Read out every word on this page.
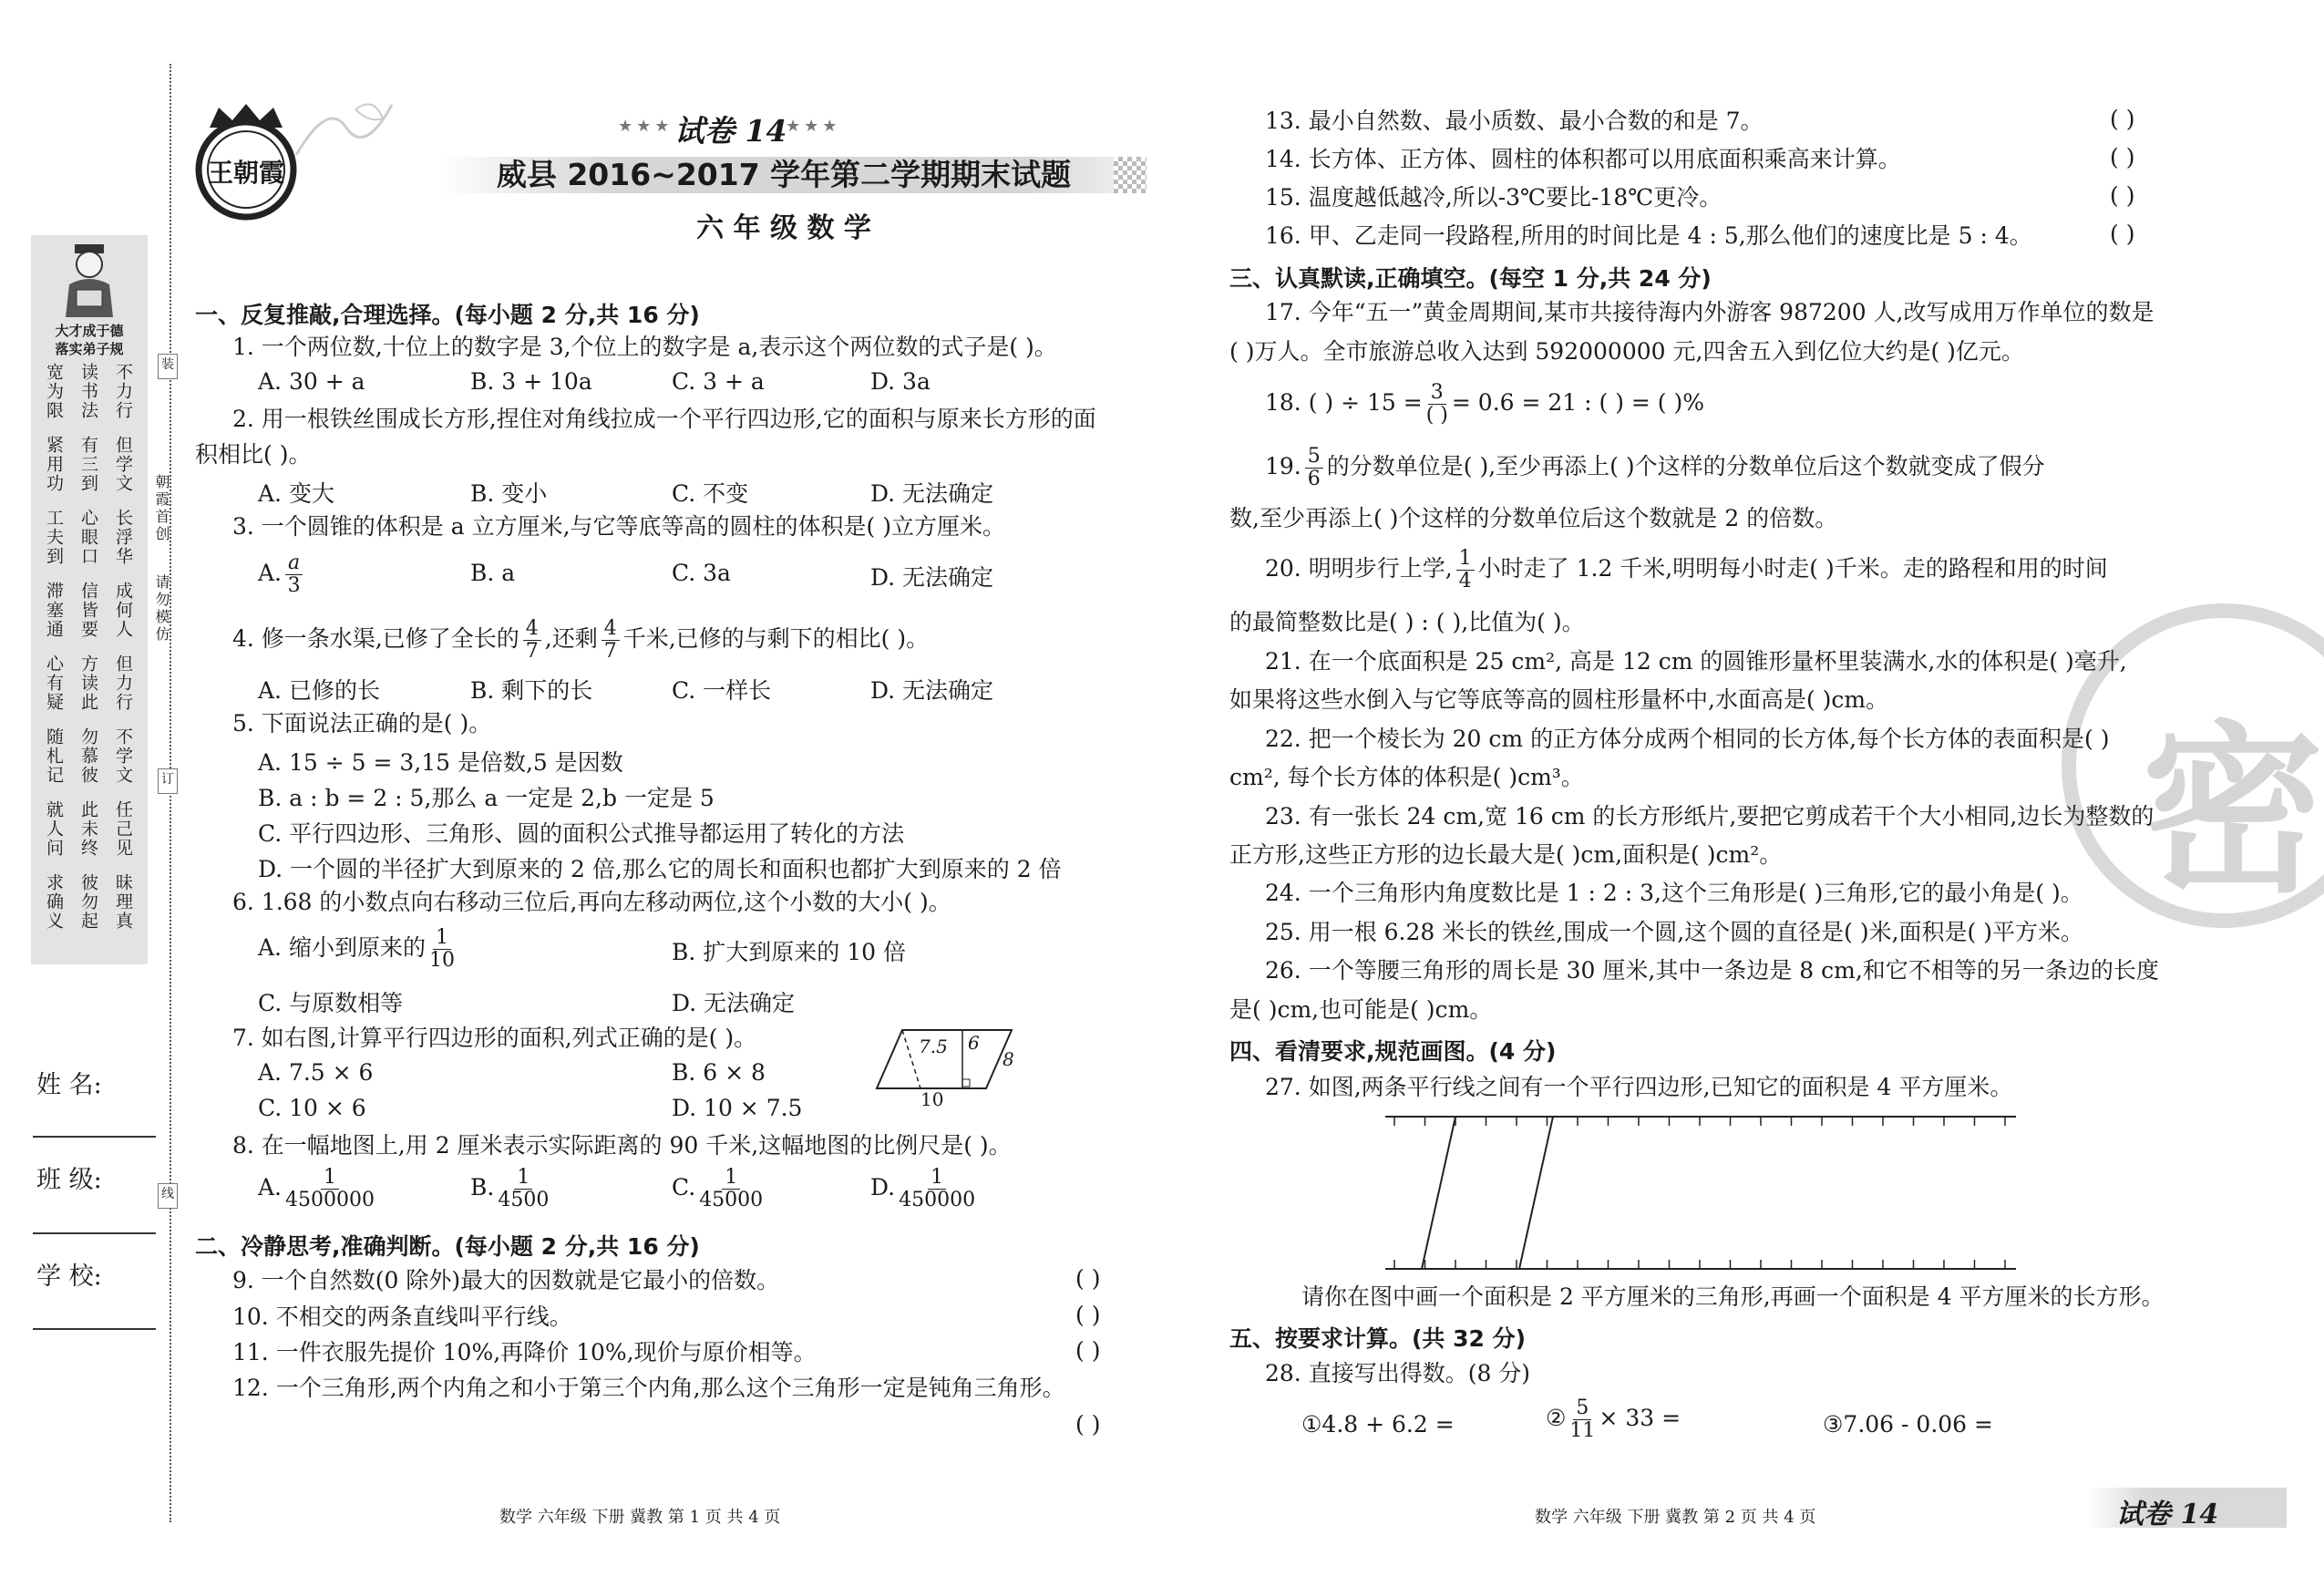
大才成于德
落实弟子规
宽为限 读书法 不力行
紧用功 有三到 但学文
工夫到 心眼口 长浮华
滞塞通 信皆要 成何人
心有疑 方读此 但力行
随札记 勿慕彼 不学文
就人问 此未终 任己见
求确义 彼勿起 昧理真
朝霞首创
请勿模仿
装
订
线
姓 名:
班 级:
学 校:
王朝霞
★★★ 试卷 14
★★★
威县 2016~2017 学年第二学期期末试题
六 年 级 数 学
一、反复推敲,合理选择。(每小题 2 分,共 16 分)
1. 一个两位数,十位上的数字是 3,个位上的数字是 a,表示这个两位数的式子是( )。
A. 30 + a	B. 3 + 10a	C. 3 + a	D. 3a
2. 用一根铁丝围成长方形,捏住对角线拉成一个平行四边形,它的面积与原来长方形的面
积相比( )。
A. 变大	B. 变小	C. 不变	D. 无法确定
3. 一个圆锥的体积是 a 立方厘米,与它等底等高的圆柱的体积是( )立方厘米。
A. $\frac{a}{3}$	B. a	C. 3a	D. 无法确定
4. 修一条水渠,已修了全长的 $\frac{4}{7}$ ,还剩 $\frac{4}{7}$ 千米,已修的与剩下的相比( )。
A. 已修的长	B. 剩下的长	C. 一样长	D. 无法确定
5. 下面说法正确的是( )。
A. 15 ÷ 5 = 3,15 是倍数,5 是因数
B. a : b = 2 : 5,那么 a 一定是 2,b 一定是 5
C. 平行四边形、三角形、圆的面积公式推导都运用了转化的方法
D. 一个圆的半径扩大到原来的 2 倍,那么它的周长和面积也都扩大到原来的 2 倍
6. 1.68 的小数点向右移动三位后,再向左移动两位,这个小数的大小( )。
A. 缩小到原来的 $\frac{1}{10}$	B. 扩大到原来的 10 倍
C. 与原数相等	D. 无法确定
7. 如右图,计算平行四边形的面积,列式正确的是( )。
A. 7.5 × 6	B. 6 × 8
C. 10 × 6	D. 10 × 7.5
7.5 6
8
10
8. 在一幅地图上,用 2 厘米表示实际距离的 90 千米,这幅地图的比例尺是( )。
A. $\frac{1}{4500000}$	B. $\frac{1}{4500}$	C. $\frac{1}{45000}$	D. $\frac{1}{450000}$
二、冷静思考,准确判断。(每小题 2 分,共 16 分)
数学 六年级 下册 冀教 第 1 页 共 4 页
三、认真默读,正确填空。(每空 1 分,共 24 分)
17. 今年“五一”黄金周期间,某市共接待海内外游客 987200 人,改写成用万作单位的数是
( )万人。全市旅游总收入达到 592000000 元,四舍五入到亿位大约是( )亿元。
18. ( ) ÷ $15 = \frac{3}{( )} = 0.6 = 21$ : ( ) = ( )%
19. $\frac{5}{6}$ 的分数单位是( ),至少再添上( )个这样的分数单位后这个数就变成了假分
数,至少再添上( )个这样的分数单位后这个数就是 2 的倍数。
20. 明明步行上学, $\frac{1}{4}$ 小时走了 1.2 千米,明明每小时走( )千米。走的路程和用的时间
的最简整数比是( ) : ( ),比值为( )。
21. 在一个底面积是 25 cm², 高是 12 cm 的圆锥形量杯里装满水,水的体积是( )毫升,
如果将这些水倒入与它等底等高的圆柱形量杯中,水面高是( )cm。
22. 把一个棱长为 20 cm 的正方体分成两个相同的长方体,每个长方体的表面积是( )
cm², 每个长方体的体积是( )cm³。
23. 有一张长 24 cm,宽 16 cm 的长方形纸片,要把它剪成若干个大小相同,边长为整数的
正方形,这些正方形的边长最大是( )cm,面积是( )cm²。
24. 一个三角形内角度数比是 1 : 2 : 3,这个三角形是( )三角形,它的最小角是( )。
25. 用一根 6.28 米长的铁丝,围成一个圆,这个圆的直径是( )米,面积是( )平方米。
26. 一个等腰三角形的周长是 30 厘米,其中一条边是 8 cm,和它不相等的另一条边的长度
是( )cm,也可能是( )cm。
四、看清要求,规范画图。(4 分)
27. 如图,两条平行线之间有一个平行四边形,已知它的面积是 4 平方厘米。
请你在图中画一个面积是 2 平方厘米的三角形,再画一个面积是 4 平方厘米的长方形。
五、按要求计算。(共 32 分)
28. 直接写出得数。(8 分)
①4.8 + 6.2 =	② $\frac{5}{11} \times 33$ =	③7.06 - 0.06 =
密
数学 六年级 下册 冀教 第 2 页 共 4 页	试卷 14
9. 一个自然数(0 除外)最大的因数就是它最小的倍数。	( )
10. 不相交的两条直线叫平行线。	( )
11. 一件衣服先提价 10%,再降价 10%,现价与原价相等。	( )
12. 一个三角形,两个内角之和小于第三个内角,那么这个三角形一定是钝角三角形。
( )
13. 最小自然数、最小质数、最小合数的和是 7。	( )
14. 长方体、正方体、圆柱的体积都可以用底面积乘高来计算。	( )
15. 温度越低越冷,所以-3℃要比-18℃更冷。	( )
16. 甲、乙走同一段路程,所用的时间比是 4 : 5,那么他们的速度比是 5 : 4。	( )
